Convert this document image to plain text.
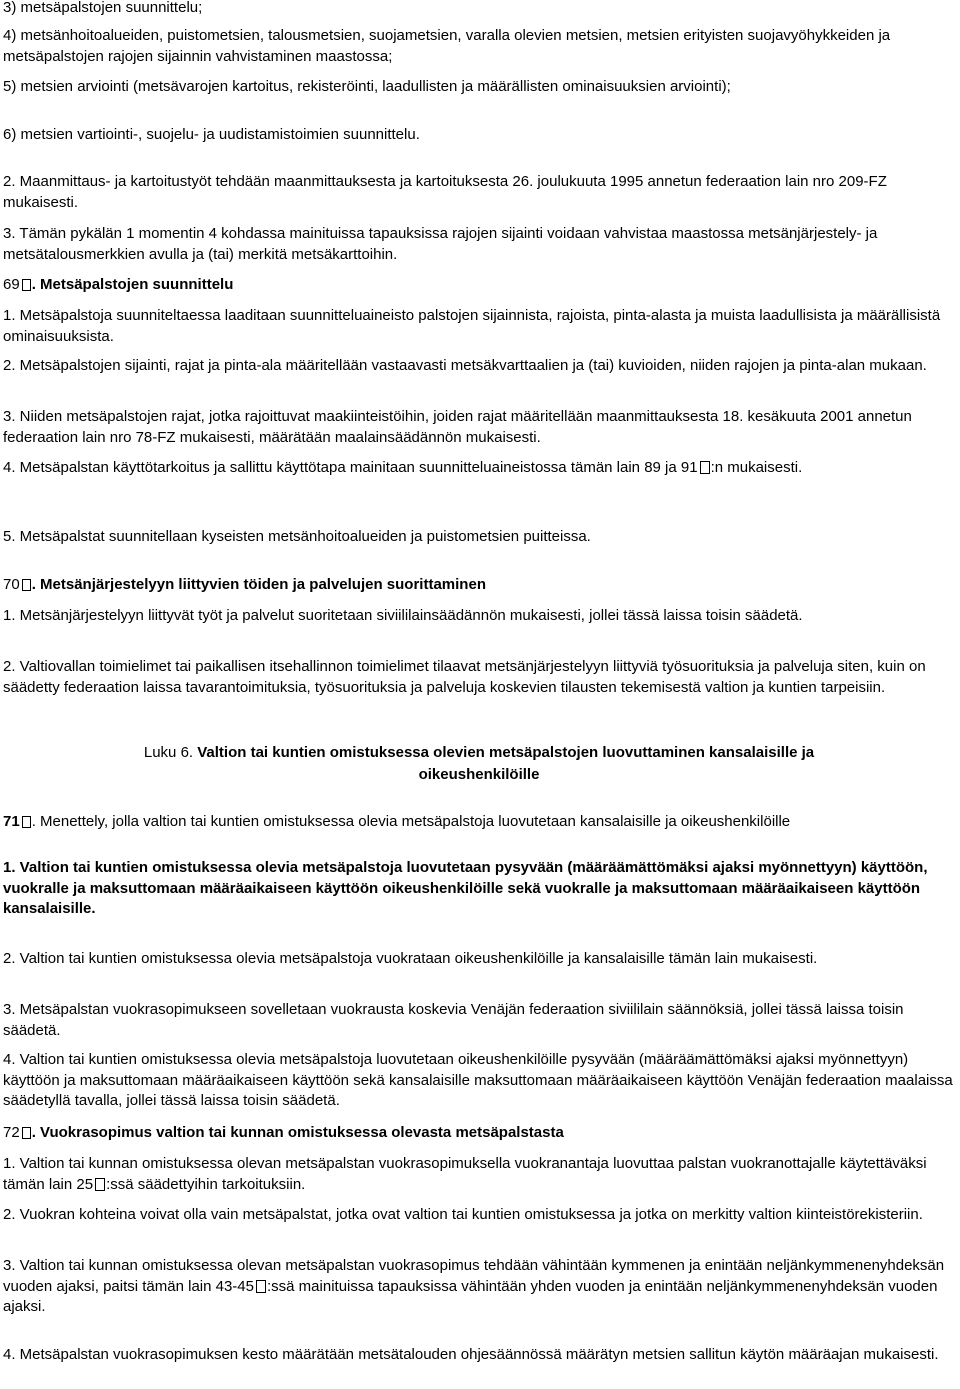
3) metsäpalstojen suunnittelu;

4) metsänhoitoalueiden, puistometsien, talousmetsien, suojametsien, varalla olevien metsien, metsien erityisten suojavyöhykkeiden ja metsäpalstojen rajojen sijainnin vahvistaminen maastossa;

5) metsien arviointi (metsävarojen kartoitus, rekisteröinti, laadullisten ja määrällisten ominaisuuksien arviointi);

6) metsien vartiointi-, suojelu- ja uudistamistoimien suunnittelu.

2. Maanmittaus- ja kartoitustyöt tehdään maanmittauksesta ja kartoituksesta 26. joulukuuta 1995 annetun federaation lain nro 209-FZ mukaisesti.

3. Tämän pykälän 1 momentin 4 kohdassa mainituissa tapauksissa rajojen sijainti voidaan vahvistaa maastossa metsänjärjestely- ja metsätalousmerkkien avulla ja (tai) merkitä metsäkarttoihin.

69 . Metsäpalstojen suunnittelu

1. Metsäpalstoja suunniteltaessa laaditaan suunnitteluaineisto palstojen sijainnista, rajoista, pinta-alasta ja muista laadullisista ja määrällisistä ominaisuuksista.

2. Metsäpalstojen sijainti, rajat ja pinta-ala määritellään vastaavasti metsäkvarttaalien ja (tai) kuvioiden, niiden rajojen ja pinta-alan mukaan.

3. Niiden metsäpalstojen rajat, jotka rajoittuvat maakiinteistöihin, joiden rajat määritellään maanmittauksesta 18. kesäkuuta 2001 annetun federaation lain nro 78-FZ mukaisesti, määrätään maalainsäädännön mukaisesti.

4. Metsäpalstan käyttötarkoitus ja sallittu käyttötapa mainitaan suunnitteluaineistossa tämän lain 89 ja 91 :n mukaisesti.

5. Metsäpalstat suunnitellaan kyseisten metsänhoitoalueiden ja puistometsien puitteissa.

70 . Metsänjärjestelyyn liittyvien töiden ja palvelujen suorittaminen

1. Metsänjärjestelyyn liittyvät työt ja palvelut suoritetaan siviililainsäädännön mukaisesti, jollei tässä laissa toisin säädetä.

2. Valtiovallan toimielimet tai paikallisen itsehallinnon toimielimet tilaavat metsänjärjestelyyn liittyviä työsuorituksia ja palveluja siten, kuin on säädetty federaation laissa tavarantoimituksia, työsuorituksia ja palveluja koskevien tilausten tekemisestä valtion ja kuntien tarpeisiin.

Luku 6. Valtion tai kuntien omistuksessa olevien metsäpalstojen luovuttaminen kansalaisille ja
oikeushenkilöille

71 . Menettely, jolla valtion tai kuntien omistuksessa olevia metsäpalstoja luovutetaan kansalaisille ja oikeushenkilöille

1. Valtion tai kuntien omistuksessa olevia metsäpalstoja luovutetaan pysyvään (määräämättömäksi ajaksi myönnettyyn) käyttöön, vuokralle ja maksuttomaan määräaikaiseen käyttöön oikeushenkilöille sekä vuokralle ja maksuttomaan määräaikaiseen käyttöön kansalaisille.

2. Valtion tai kuntien omistuksessa olevia metsäpalstoja vuokrataan oikeushenkilöille ja kansalaisille tämän lain mukaisesti.

3. Metsäpalstan vuokrasopimukseen sovelletaan vuokrausta koskevia Venäjän federaation siviililain säännöksiä, jollei tässä laissa toisin säädetä.

4. Valtion tai kuntien omistuksessa olevia metsäpalstoja luovutetaan oikeushenkilöille pysyvään (määräämättömäksi ajaksi myönnettyyn) käyttöön ja maksuttomaan määräaikaiseen käyttöön sekä kansalaisille maksuttomaan määräaikaiseen käyttöön Venäjän federaation maalaissa säädetyllä tavalla, jollei tässä laissa toisin säädetä.

72 . Vuokrasopimus valtion tai kunnan omistuksessa olevasta metsäpalstasta

1. Valtion tai kunnan omistuksessa olevan metsäpalstan vuokrasopimuksella vuokranantaja luovuttaa palstan vuokranottajalle käytettäväksi tämän lain 25 :ssä säädettyihin tarkoituksiin.

2. Vuokran kohteina voivat olla vain metsäpalstat, jotka ovat valtion tai kuntien omistuksessa ja jotka on merkitty valtion kiinteistörekisteriin.

3. Valtion tai kunnan omistuksessa olevan metsäpalstan vuokrasopimus tehdään vähintään kymmenen ja enintään neljänkymmenenyhdeksän vuoden ajaksi, paitsi tämän lain 43-45 :ssä mainituissa tapauksissa vähintään yhden vuoden ja enintään neljänkymmenenyhdeksän vuoden ajaksi.

4. Metsäpalstan vuokrasopimuksen kesto määrätään metsätalouden ohjesäännössä määrätyn metsien sallitun käytön määräajan mukaisesti.
